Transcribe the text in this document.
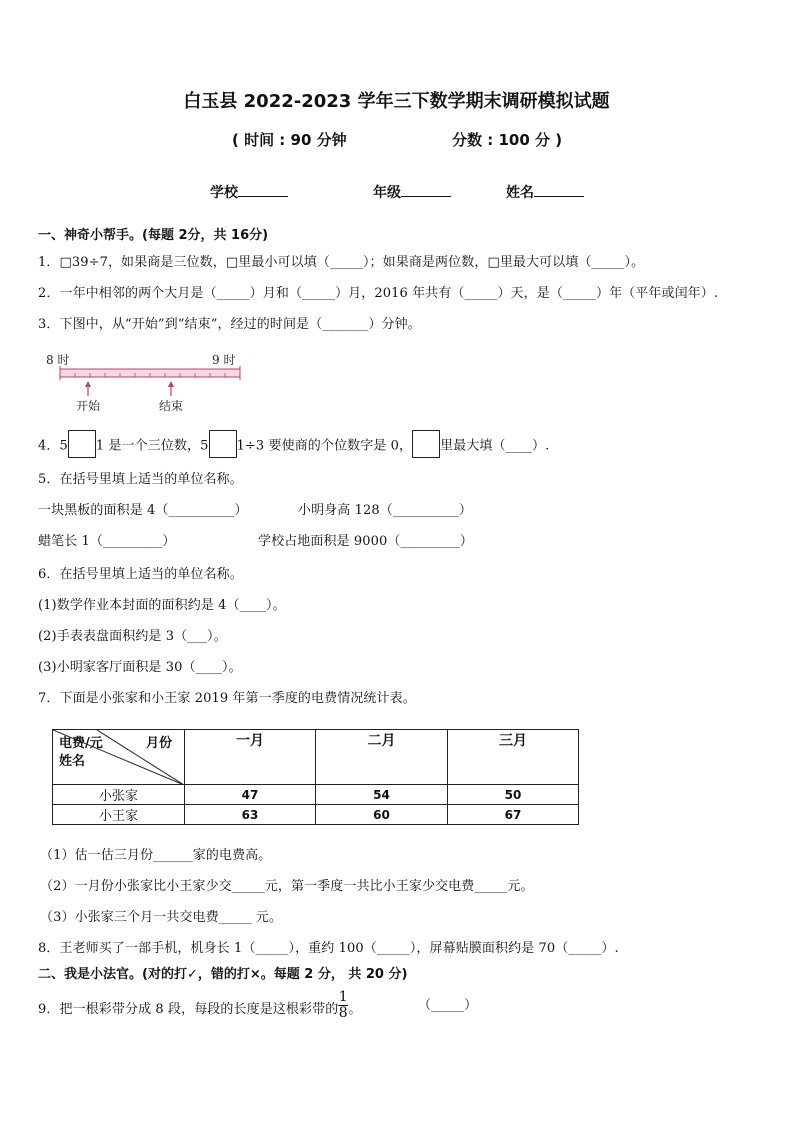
白玉县 2022-2023 学年三下数学期末调研模拟试题
( 时间 : 90 分钟	分数 : 100 分 )
学校	年级	姓名
一、神奇小帮手。(每题 2分，共 16分)
1．□39÷7，如果商是三位数，□里最小可以填（_____）；如果商是两位数，□里最大可以填（_____）。
2．一年中相邻的两个大月是（_____）月和（_____）月，2016 年共有（_____）天，是（_____）年（平年或闰年）.
3．下图中，从“开始”到“结束”，经过的时间是（_______）分钟。
8 时	9 时
开始	结束
4．5 1 是一个三位数，5 1÷3 要使商的个位数字是 0， 里最大填（____）.
5．在括号里填上适当的单位名称。
一块黑板的面积是 4（__________）	小明身高 128（__________）
蜡笔长 1（_________）	学校占地面积是 9000（_________）
6．在括号里填上适当的单位名称。
(1)数学作业本封面的面积约是 4（____）。
(2)手表表盘面积约是 3（___）。
(3)小明家客厅面积是 30（____）。
7．下面是小张家和小王家 2019 年第一季度的电费情况统计表。
电费/元 月份
姓名	一月	二月	三月
小张家	47	54	50
小王家	63	60	67
（1）估一估三月份______家的电费高。
（2）一月份小张家比小王家少交_____元，第一季度一共比小王家少交电费_____元。
（3）小张家三个月一共交电费_____ 元。
8．王老师买了一部手机，机身长 1（_____），重约 100（_____），屏幕贴膜面积约是 70（_____）.
二、我是小法官。(对的打✓，错的打×。每题 2 分， 共 20 分)
9．把一根彩带分成 8 段，每段的长度是这根彩带的$\frac{1}{8}$。	（_____）
